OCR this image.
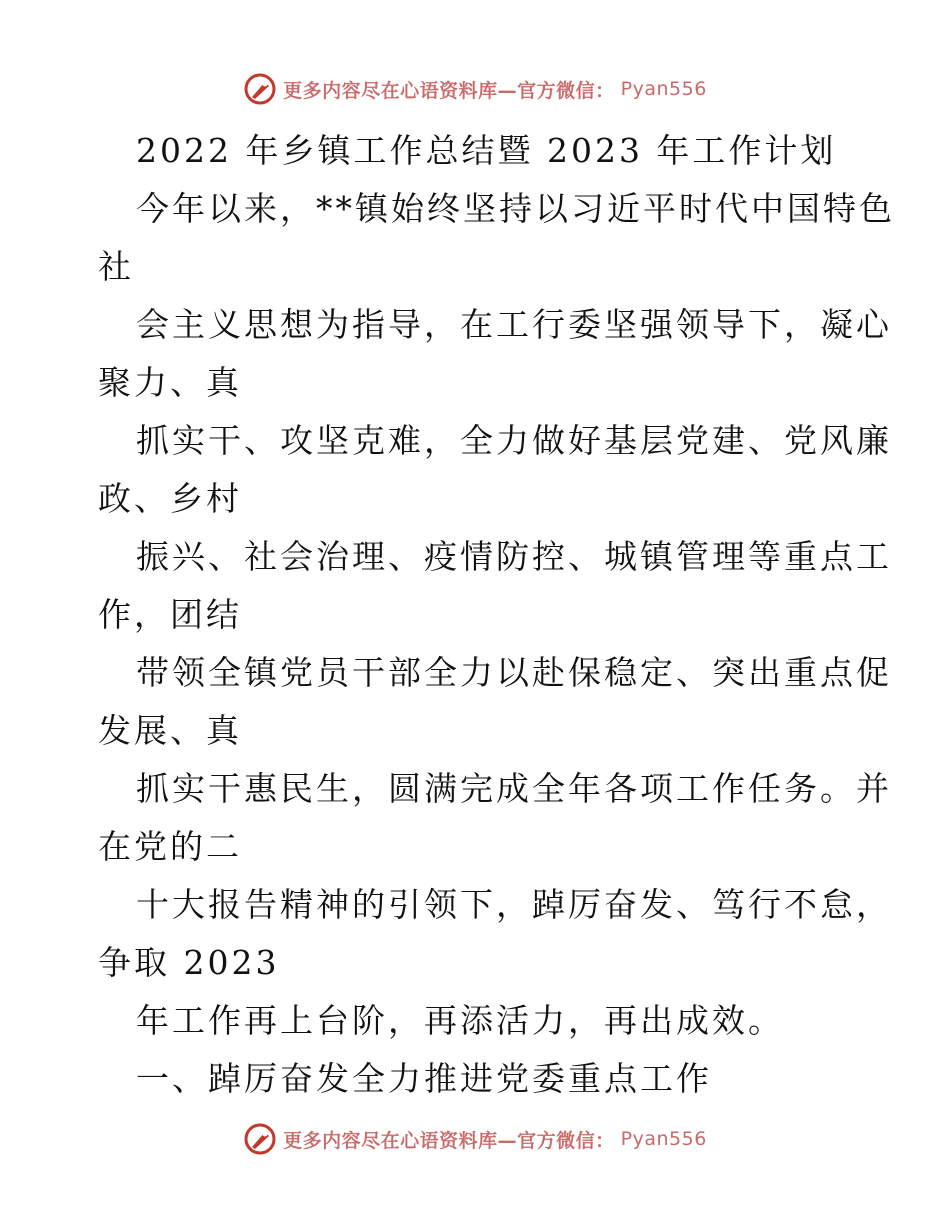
更多内容尽在心语资料库—官方微信： Pyan556
2022 年乡镇工作总结暨 2023 年工作计划
今年以来，**镇始终坚持以习近平时代中国特色
社
会主义思想为指导，在工行委坚强领导下，凝心
聚力、真
抓实干、攻坚克难，全力做好基层党建、党风廉
政、乡村
振兴、社会治理、疫情防控、城镇管理等重点工
作，团结
带领全镇党员干部全力以赴保稳定、突出重点促
发展、真
抓实干惠民生，圆满完成全年各项工作任务。并
在党的二
十大报告精神的引领下，踔厉奋发、笃行不怠，
争取 2023
年工作再上台阶，再添活力，再出成效。
一、踔厉奋发全力推进党委重点工作
更多内容尽在心语资料库—官方微信： Pyan556
